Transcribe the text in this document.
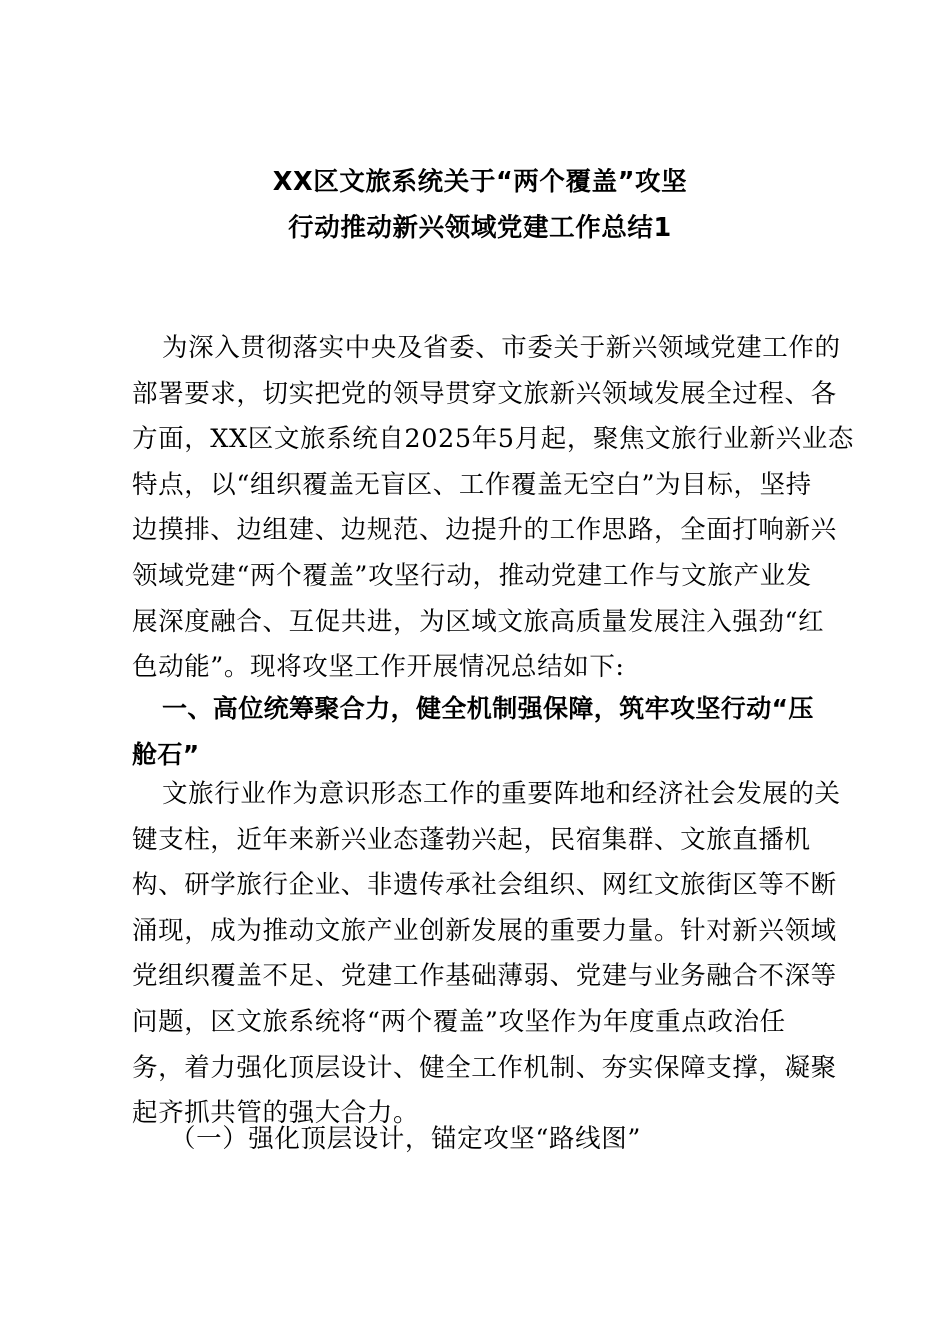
XX区文旅系统关于“两个覆盖”攻坚
行动推动新兴领域党建工作总结1
为深入贯彻落实中央及省委、市委关于新兴领域党建工作的
部署要求，切实把党的领导贯穿文旅新兴领域发展全过程、各
方面，XX区文旅系统自2025年5月起，聚焦文旅行业新兴业态
特点，以“组织覆盖无盲区、工作覆盖无空白”为目标，坚持
边摸排、边组建、边规范、边提升的工作思路，全面打响新兴
领域党建“两个覆盖”攻坚行动，推动党建工作与文旅产业发
展深度融合、互促共进，为区域文旅高质量发展注入强劲“红
色动能”。现将攻坚工作开展情况总结如下:
一、高位统筹聚合力，健全机制强保障，筑牢攻坚行动“压
舱石”
文旅行业作为意识形态工作的重要阵地和经济社会发展的关
键支柱，近年来新兴业态蓬勃兴起，民宿集群、文旅直播机
构、研学旅行企业、非遗传承社会组织、网红文旅街区等不断
涌现，成为推动文旅产业创新发展的重要力量。针对新兴领域
党组织覆盖不足、党建工作基础薄弱、党建与业务融合不深等
问题，区文旅系统将“两个覆盖”攻坚作为年度重点政治任
务，着力强化顶层设计、健全工作机制、夯实保障支撑，凝聚
起齐抓共管的强大合力。
（一）强化顶层设计，锚定攻坚“路线图”
